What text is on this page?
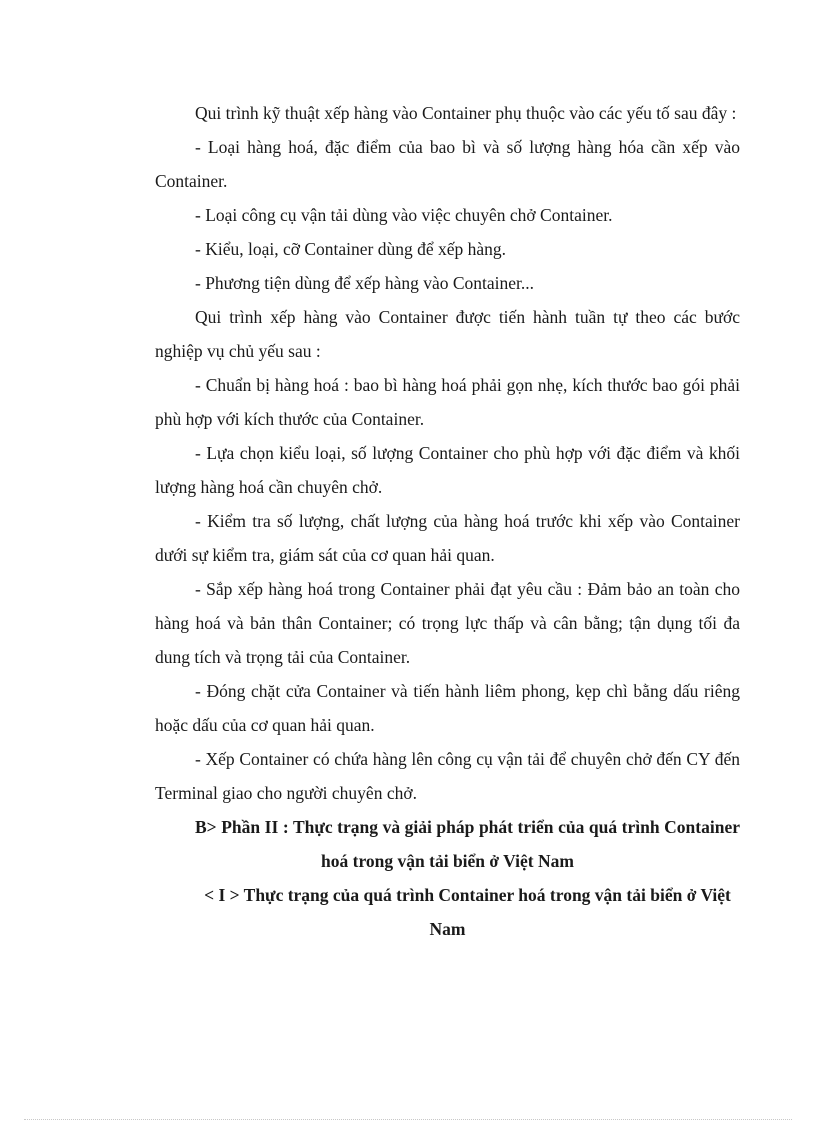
Qui trình kỹ thuật xếp hàng vào Container phụ thuộc vào các yếu tố sau đây :

- Loại hàng hoá, đặc điểm của bao bì và số lượng hàng hóa cần xếp vào Container.

- Loại công cụ vận tải dùng vào việc chuyên chở Container.

- Kiểu, loại, cỡ Container dùng để xếp hàng.

- Phương tiện dùng để xếp hàng vào Container...

Qui trình xếp hàng vào Container được tiến hành tuần tự theo các bước nghiệp vụ chủ yếu sau :

- Chuẩn bị hàng hoá : bao bì hàng hoá phải gọn nhẹ, kích thước bao gói phải phù hợp với kích thước của Container.

- Lựa chọn kiểu loại, số lượng Container cho phù hợp với đặc điểm và khối lượng hàng hoá cần chuyên chở.

- Kiểm tra số lượng, chất lượng của hàng hoá trước khi xếp vào Container dưới sự kiểm tra, giám sát của cơ quan hải quan.

- Sắp xếp hàng hoá trong Container phải đạt yêu cầu : Đảm bảo an toàn cho hàng hoá và bản thân Container; có trọng lực thấp và cân bằng; tận dụng tối đa dung tích và trọng tải của Container.

- Đóng chặt cửa Container và tiến hành liêm phong, kẹp chì bằng dấu riêng hoặc dấu của cơ quan hải quan.

- Xếp Container có chứa hàng lên công cụ vận tải để chuyên chở đến CY đến Terminal giao cho người chuyên chở.

B> Phần II : Thực trạng và giải pháp phát triển của quá trình Container hoá trong vận tải biển ở Việt Nam

< I > Thực trạng của quá trình Container hoá trong vận tải biển ở Việt Nam
